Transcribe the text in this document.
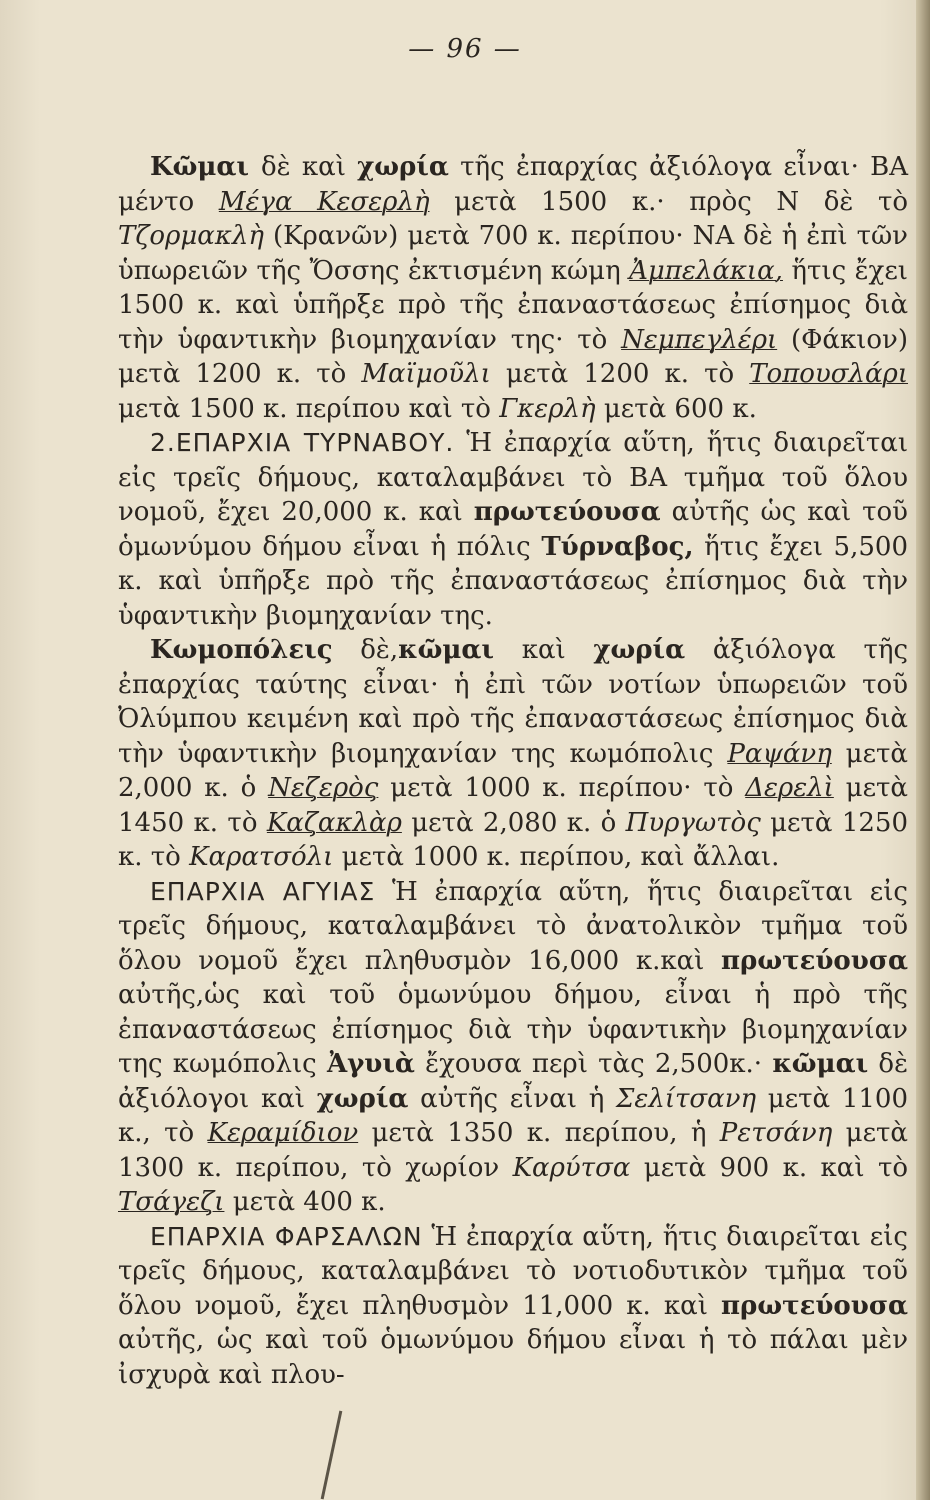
— 96 —

Κῶμαι δὲ καὶ χωρία τῆς ἐπαρχίας ἀξιόλογα εἶναι· ΒΑ μέντο Μέγα Κεσερλὴ μετὰ 1500 κ.· πρὸς Ν δὲ τὸ Τζορμακλὴ (Κρανῶν) μετὰ 700 κ. περίπου· ΝΑ δὲ ἡ ἐπὶ τῶν ὑπωρειῶν τῆς Ὄσσης ἐκτισμένη κώμη Ἀμπελάκια, ἥτις ἔχει 1500 κ. καὶ ὑπῆρξε πρὸ τῆς ἐπαναστάσεως ἐπίσημος διὰ τὴν ὑφαντικὴν βιομηχανίαν της· τὸ Νεμπεγλέρι (Φάκιον) μετὰ 1200 κ. τὸ Μαϊμοῦλι μετὰ 1200 κ. τὸ Τοπουσλάρι μετὰ 1500 κ. περίπου καὶ τὸ Γκερλὴ μετὰ 600 κ.

2.ΕΠΑΡΧΙΑ ΤΥΡΝΑΒΟΥ. Ἡ ἐπαρχία αὕτη, ἥτις διαιρεῖται εἰς τρεῖς δήμους, καταλαμβάνει τὸ ΒΑ τμῆμα τοῦ ὅλου νομοῦ, ἔχει 20,000 κ. καὶ πρωτεύουσα αὐτῆς ὡς καὶ τοῦ ὁμωνύμου δήμου εἶναι ἡ πόλις Τύρναβος, ἥτις ἔχει 5,500 κ. καὶ ὑπῆρξε πρὸ τῆς ἐπαναστάσεως ἐπίσημος διὰ τὴν ὑφαντικὴν βιομηχανίαν της.

Κωμοπόλεις δὲ,κῶμαι καὶ χωρία ἀξιόλογα τῆς ἐπαρχίας ταύτης εἶναι· ἡ ἐπὶ τῶν νοτίων ὑπωρειῶν τοῦ Ὀλύμπου κειμένη καὶ πρὸ τῆς ἐπαναστάσεως ἐπίσημος διὰ τὴν ὑφαντικὴν βιομηχανίαν της κωμόπολις Ραψάνη μετὰ 2,000 κ. ὁ Νεζερὸς μετὰ 1000 κ. περίπου· τὸ Δερελὶ μετὰ 1450 κ. τὸ Καζακλὰρ μετὰ 2,080 κ. ὁ Πυργωτὸς μετὰ 1250 κ. τὸ Καρατσόλι μετὰ 1000 κ. περίπου, καὶ ἄλλαι.

ΕΠΑΡΧΙΑ ΑΓΥΙΑΣ Ἡ ἐπαρχία αὕτη, ἥτις διαιρεῖται εἰς τρεῖς δήμους, καταλαμβάνει τὸ ἀνατολικὸν τμῆμα τοῦ ὅλου νομοῦ ἔχει πληθυσμὸν 16,000 κ.καὶ πρωτεύουσα αὐτῆς,ὡς καὶ τοῦ ὁμωνύμου δήμου, εἶναι ἡ πρὸ τῆς ἐπαναστάσεως ἐπίσημος διὰ τὴν ὑφαντικὴν βιομηχανίαν της κωμόπολις Ἀγυιὰ ἔχουσα περὶ τὰς 2,500κ.· κῶμαι δὲ ἀξιόλογοι καὶ χωρία αὐτῆς εἶναι ἡ Σελίτσανη μετὰ 1100 κ., τὸ Κεραμίδιον μετὰ 1350 κ. περίπου, ἡ Ρετσάνη μετὰ 1300 κ. περίπου, τὸ χωρίον Καρύτσα μετὰ 900 κ. καὶ τὸ Τσάγεζι μετὰ 400 κ.

ΕΠΑΡΧΙΑ ΦΑΡΣΑΛΩΝ Ἡ ἐπαρχία αὕτη, ἥτις διαιρεῖται εἰς τρεῖς δήμους, καταλαμβάνει τὸ νοτιοδυτικὸν τμῆμα τοῦ ὅλου νομοῦ, ἔχει πληθυσμὸν 11,000 κ. καὶ πρωτεύουσα αὐτῆς, ὡς καὶ τοῦ ὁμωνύμου δήμου εἶναι ἡ τὸ πάλαι μὲν ἰσχυρὰ καὶ πλου-
